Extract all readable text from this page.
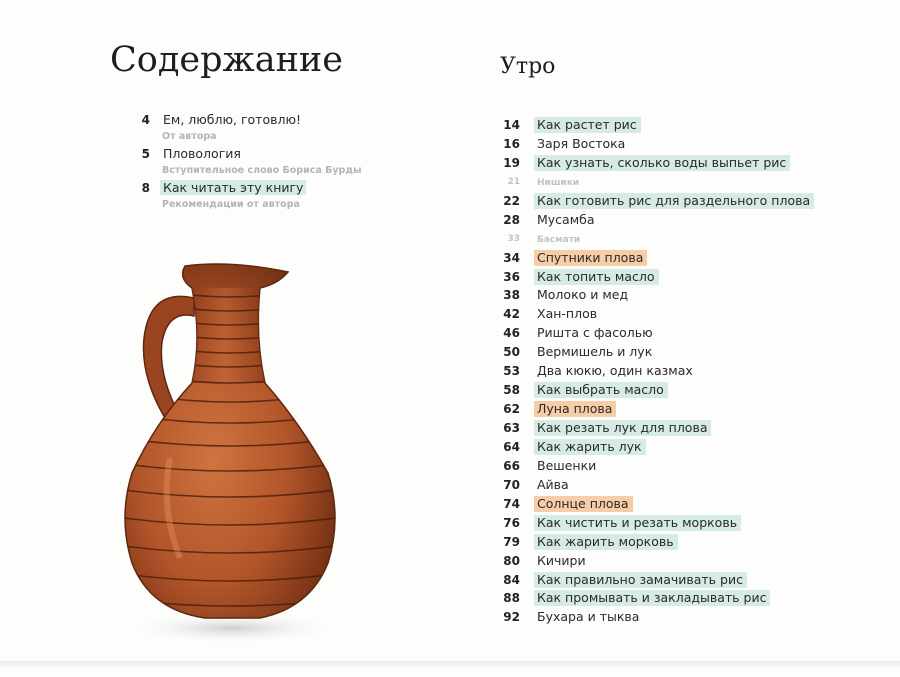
Содержание
4 Ем, люблю, готовлю!
От автора
5 Пловология
Вступительное слово Бориса Бурды
8 Как читать эту книгу
Рекомендации от автора
Утро
14 Как растет рис
16 Заря Востока
19 Как узнать, сколько воды выпьет рис
21	Нишики
22 Как готовить рис для раздельного плова
28 Мусамба
33	Басмати
34 Спутники плова
36 Как топить масло
38 Молоко и мед
42 Хан-плов
46 Ришта с фасолью
50 Вермишель и лук
53 Два кюкю, один казмах
58 Как выбрать масло
62 Луна плова
63 Как резать лук для плова
64 Как жарить лук
66 Вешенки
70 Айва
74 Солнце плова
76 Как чистить и резать морковь
79 Как жарить морковь
80 Кичири
84 Как правильно замачивать рис
88 Как промывать и закладывать рис
92 Бухара и тыква
